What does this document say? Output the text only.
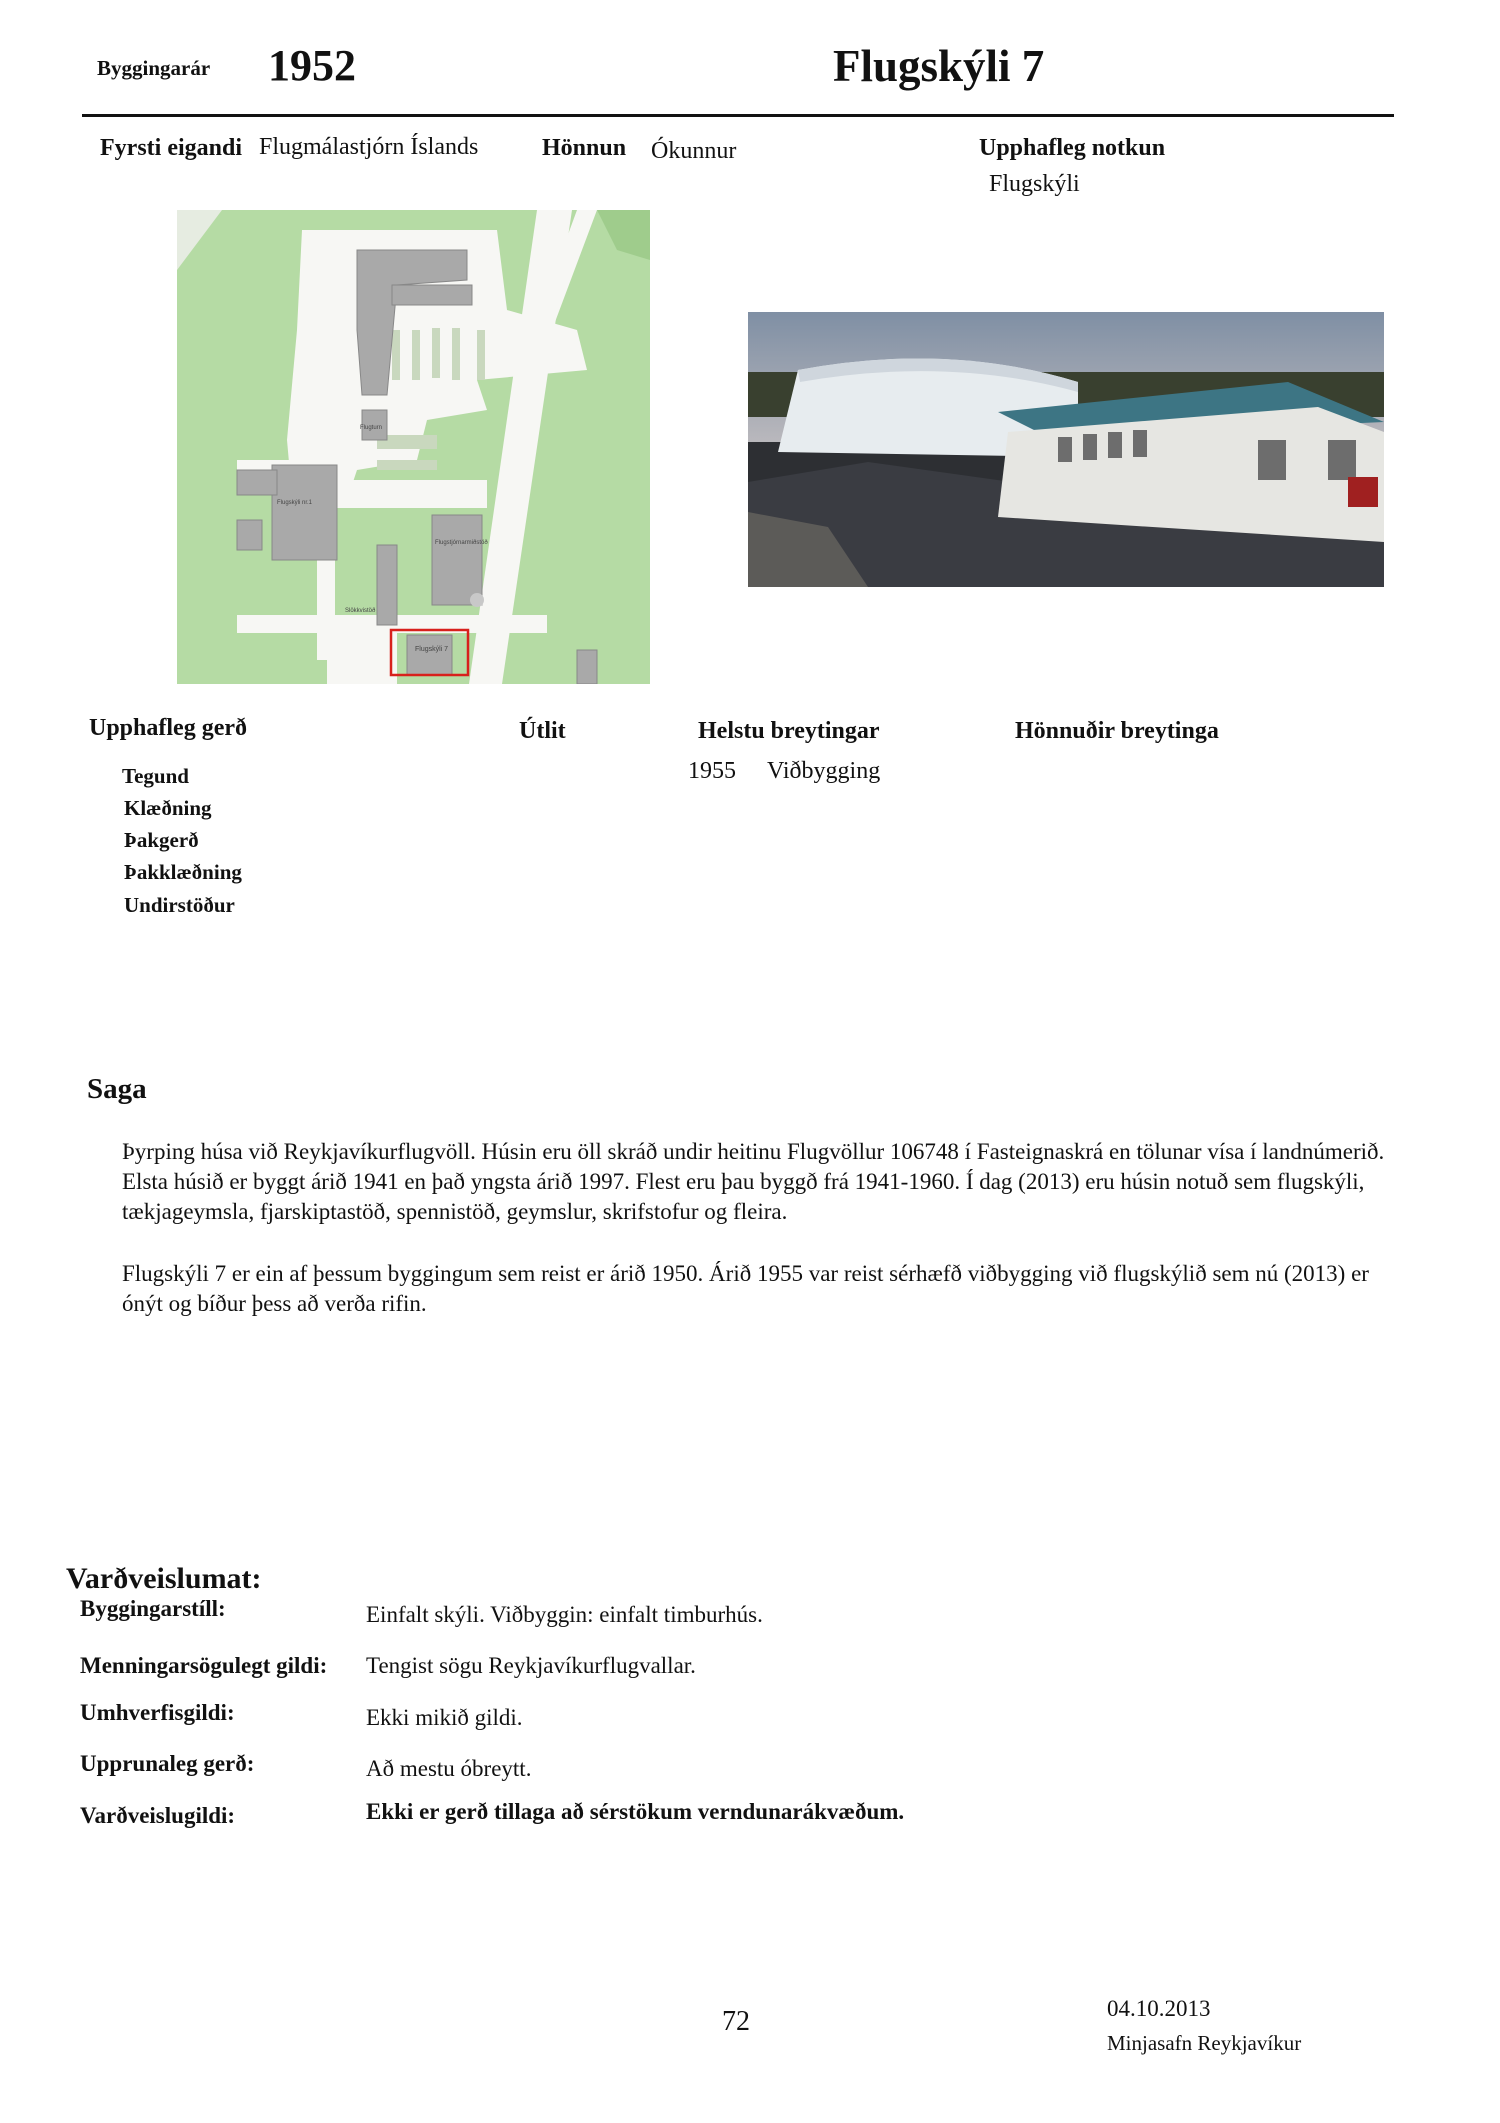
Byggingarár 1952	Flugskýli 7
Fyrsti eigandi Flugmálastjórn Íslands	Hönnun Ókunnur	Upphafleg notkun
Flugskýli
Flugskýli 7
Flugskýli nr.1
Flugstjórnarmiðstöð
Slökkvistöð
Flugturn
Upphafleg gerð
Tegund
Klæðning
Þakgerð
Þakklæðning
Undirstöður
Útlit	Helstu breytingar
1955 Viðbygging
Hönnuðir breytinga
Saga
Þyrping húsa við Reykjavíkurflugvöll. Húsin eru öll skráð undir heitinu Flugvöllur 106748 í Fasteignaskrá en tölunar vísa í landnúmerið. Elsta húsið er byggt árið 1941 en það yngsta árið 1997. Flest eru þau byggð frá 1941-1960. Í dag (2013) eru húsin notuð sem flugskýli, tækjageymsla, fjarskiptastöð, spennistöð, geymslur, skrifstofur og fleira.
Flugskýli 7 er ein af þessum byggingum sem reist er árið 1950. Árið 1955 var reist sérhæfð viðbygging við flugskýlið sem nú (2013) er ónýt og bíður þess að verða rifin.
Varðveislumat:
Byggingarstíll:	Einfalt skýli. Viðbyggin: einfalt timburhús.
Menningarsögulegt gildi: Tengist sögu Reykjavíkurflugvallar.
Umhverfisgildi:	Ekki mikið gildi.
Upprunaleg gerð:	Að mestu óbreytt.
Varðveislugildi:	Ekki er gerð tillaga að sérstökum verndunarákvæðum.
72	04.10.2013
Minjasafn Reykjavíkur
